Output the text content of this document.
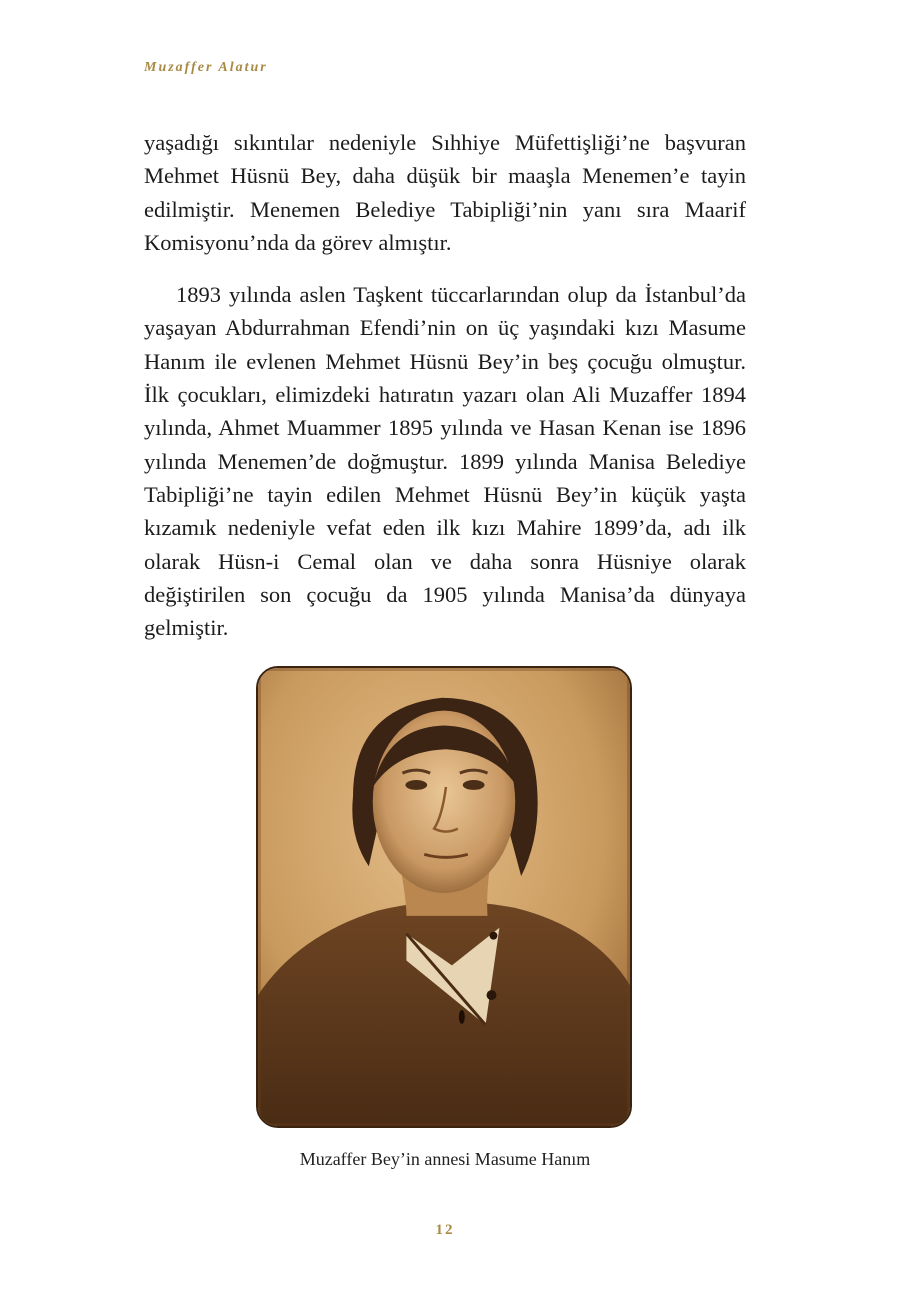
Muzaffer Alatur

yaşadığı sıkıntılar nedeniyle Sıhhiye Müfettişliği’ne başvuran Mehmet Hüsnü Bey, daha düşük bir maaşla Menemen’e tayin edilmiştir. Menemen Belediye Tabipliği’nin yanı sıra Maarif Komisyonu’nda da görev almıştır.

1893 yılında aslen Taşkent tüccarlarından olup da İstanbul’da yaşayan Abdurrahman Efendi’nin on üç yaşındaki kızı Masume Hanım ile evlenen Mehmet Hüsnü Bey’in beş çocuğu olmuştur. İlk çocukları, elimizdeki hatıratın yazarı olan Ali Muzaffer 1894 yılında, Ahmet Muammer 1895 yılında ve Hasan Kenan ise 1896 yılında Menemen’de doğmuştur. 1899 yılında Manisa Belediye Tabipliği’ne tayin edilen Mehmet Hüsnü Bey’in küçük yaşta kızamık nedeniyle vefat eden ilk kızı Mahire 1899’da, adı ilk olarak Hüsn-i Cemal olan ve daha sonra Hüsniye olarak değiştirilen son çocuğu da 1905 yılında Manisa’da dünyaya gelmiştir.

Muzaffer Bey’in annesi Masume Hanım
12
